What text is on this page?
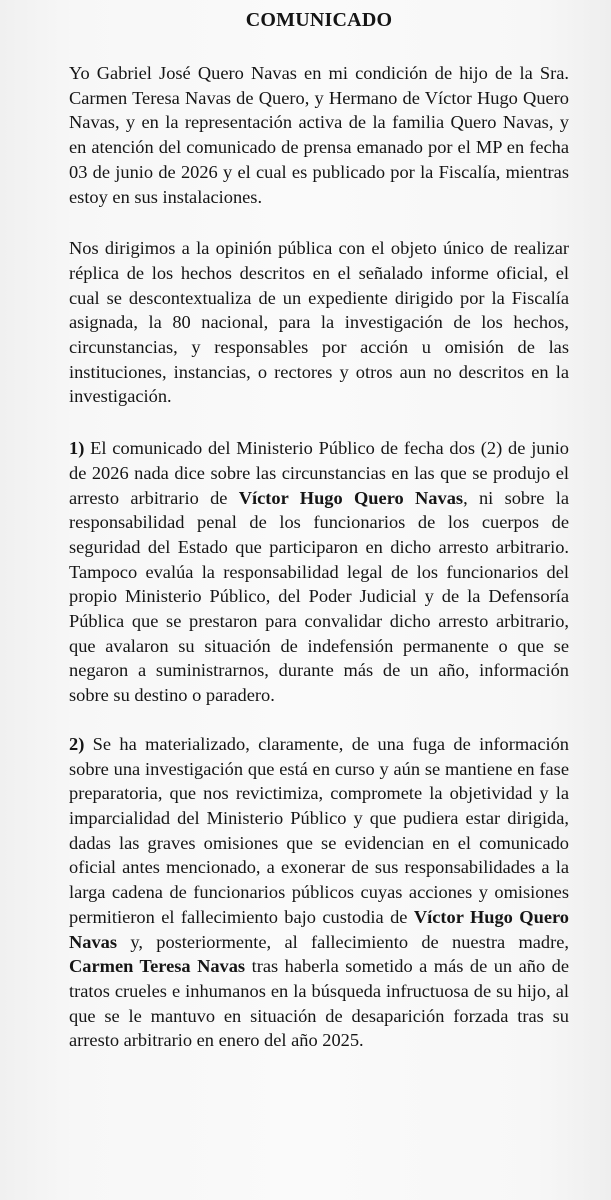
COMUNICADO

Yo Gabriel José Quero Navas en mi condición de hijo de la Sra. Carmen Teresa Navas de Quero, y Hermano de Víctor Hugo Quero Navas, y en la representación activa de la familia Quero Navas, y en atención del comunicado de prensa emanado por el MP en fecha 03 de junio de 2026 y el cual es publicado por la Fiscalía, mientras estoy en sus instalaciones.

Nos dirigimos a la opinión pública con el objeto único de realizar réplica de los hechos descritos en el señalado informe oficial, el cual se descontextualiza de un expediente dirigido por la Fiscalía asignada, la 80 nacional, para la investigación de los hechos, circunstancias, y responsables por acción u omisión de las instituciones, instancias, o rectores y otros aun no descritos en la investigación.

1) El comunicado del Ministerio Público de fecha dos (2) de junio de 2026 nada dice sobre las circunstancias en las que se produjo el arresto arbitrario de Víctor Hugo Quero Navas, ni sobre la responsabilidad penal de los funcionarios de los cuerpos de seguridad del Estado que participaron en dicho arresto arbitrario. Tampoco evalúa la responsabilidad legal de los funcionarios del propio Ministerio Público, del Poder Judicial y de la Defensoría Pública que se prestaron para convalidar dicho arresto arbitrario, que avalaron su situación de indefensión permanente o que se negaron a suministrarnos, durante más de un año, información sobre su destino o paradero.

2) Se ha materializado, claramente, de una fuga de información sobre una investigación que está en curso y aún se mantiene en fase preparatoria, que nos revictimiza, compromete la objetividad y la imparcialidad del Ministerio Público y que pudiera estar dirigida, dadas las graves omisiones que se evidencian en el comunicado oficial antes mencionado, a exonerar de sus responsabilidades a la larga cadena de funcionarios públicos cuyas acciones y omisiones permitieron el fallecimiento bajo custodia de Víctor Hugo Quero Navas y, posteriormente, al fallecimiento de nuestra madre, Carmen Teresa Navas tras haberla sometido a más de un año de tratos crueles e inhumanos en la búsqueda infructuosa de su hijo, al que se le mantuvo en situación de desaparición forzada tras su arresto arbitrario en enero del año 2025.
